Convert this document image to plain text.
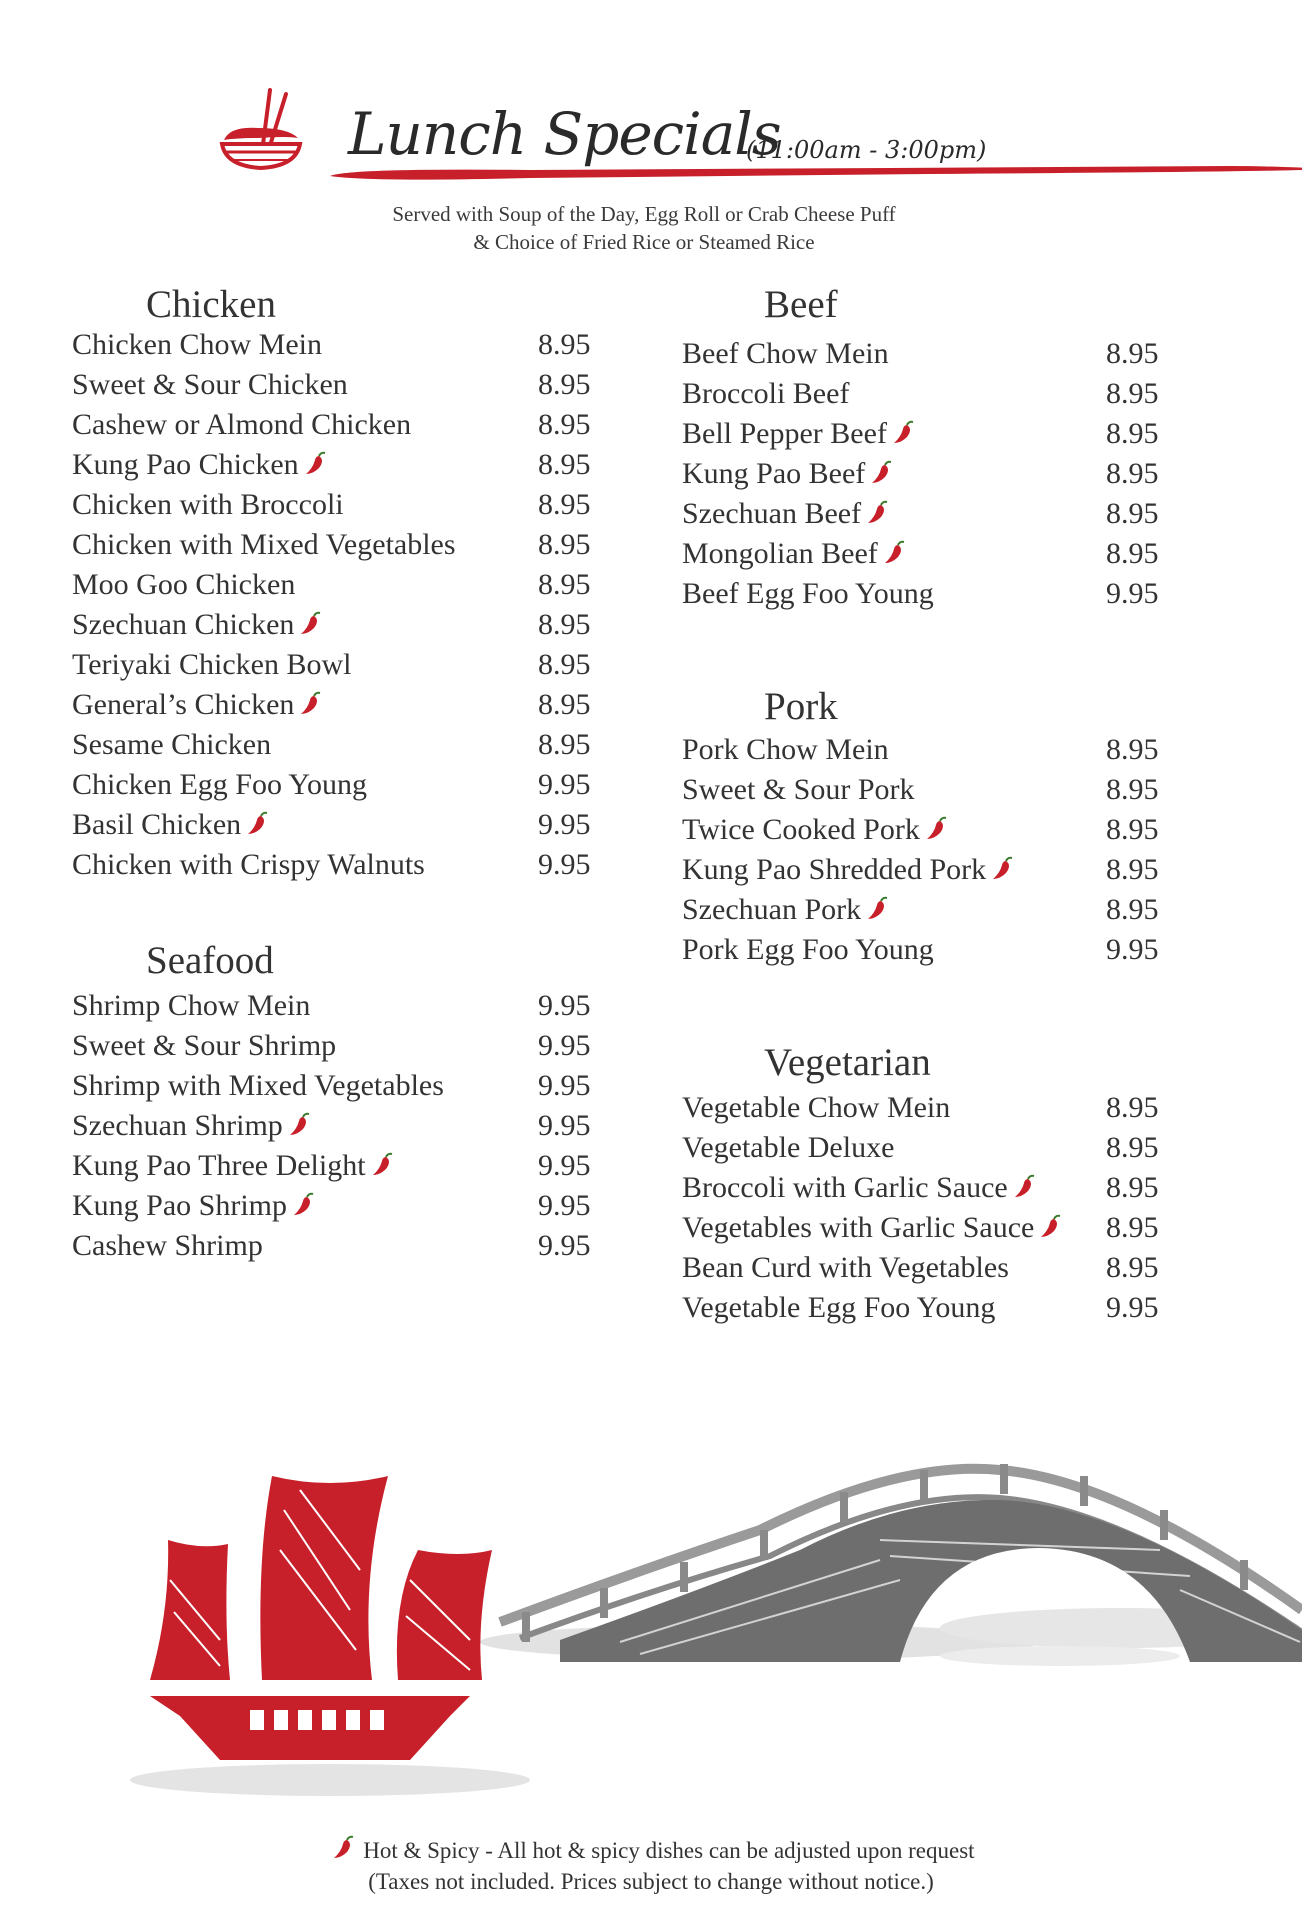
Lunch Specials
(11:00am - 3:00pm)
Served with Soup of the Day, Egg Roll or Crab Cheese Puff
& Choice of Fried Rice or Steamed Rice
Chicken
Chicken Chow Mein	8.95
Sweet & Sour Chicken	8.95
Cashew or Almond Chicken	8.95
Kung Pao Chicken	8.95
Chicken with Broccoli	8.95
Chicken with Mixed Vegetables	8.95
Moo Goo Chicken	8.95
Szechuan Chicken	8.95
Teriyaki Chicken Bowl	8.95
General’s Chicken	8.95
Sesame Chicken	8.95
Chicken Egg Foo Young	9.95
Basil Chicken	9.95
Chicken with Crispy Walnuts	9.95
Seafood
Shrimp Chow Mein	9.95
Sweet & Sour Shrimp	9.95
Shrimp with Mixed Vegetables	9.95
Szechuan Shrimp	9.95
Kung Pao Three Delight	9.95
Kung Pao Shrimp	9.95
Cashew Shrimp	9.95
Beef
Beef Chow Mein	8.95
Broccoli Beef	8.95
Bell Pepper Beef	8.95
Kung Pao Beef	8.95
Szechuan Beef	8.95
Mongolian Beef	8.95
Beef Egg Foo Young	9.95
Pork
Pork Chow Mein	8.95
Sweet & Sour Pork	8.95
Twice Cooked Pork	8.95
Kung Pao Shredded Pork	8.95
Szechuan Pork	8.95
Pork Egg Foo Young	9.95
Vegetarian
Vegetable Chow Mein	8.95
Vegetable Deluxe	8.95
Broccoli with Garlic Sauce	8.95
Vegetables with Garlic Sauce	8.95
Bean Curd with Vegetables	8.95
Vegetable Egg Foo Young	9.95
Hot & Spicy - All hot & spicy dishes can be adjusted upon request
(Taxes not included. Prices subject to change without notice.)
